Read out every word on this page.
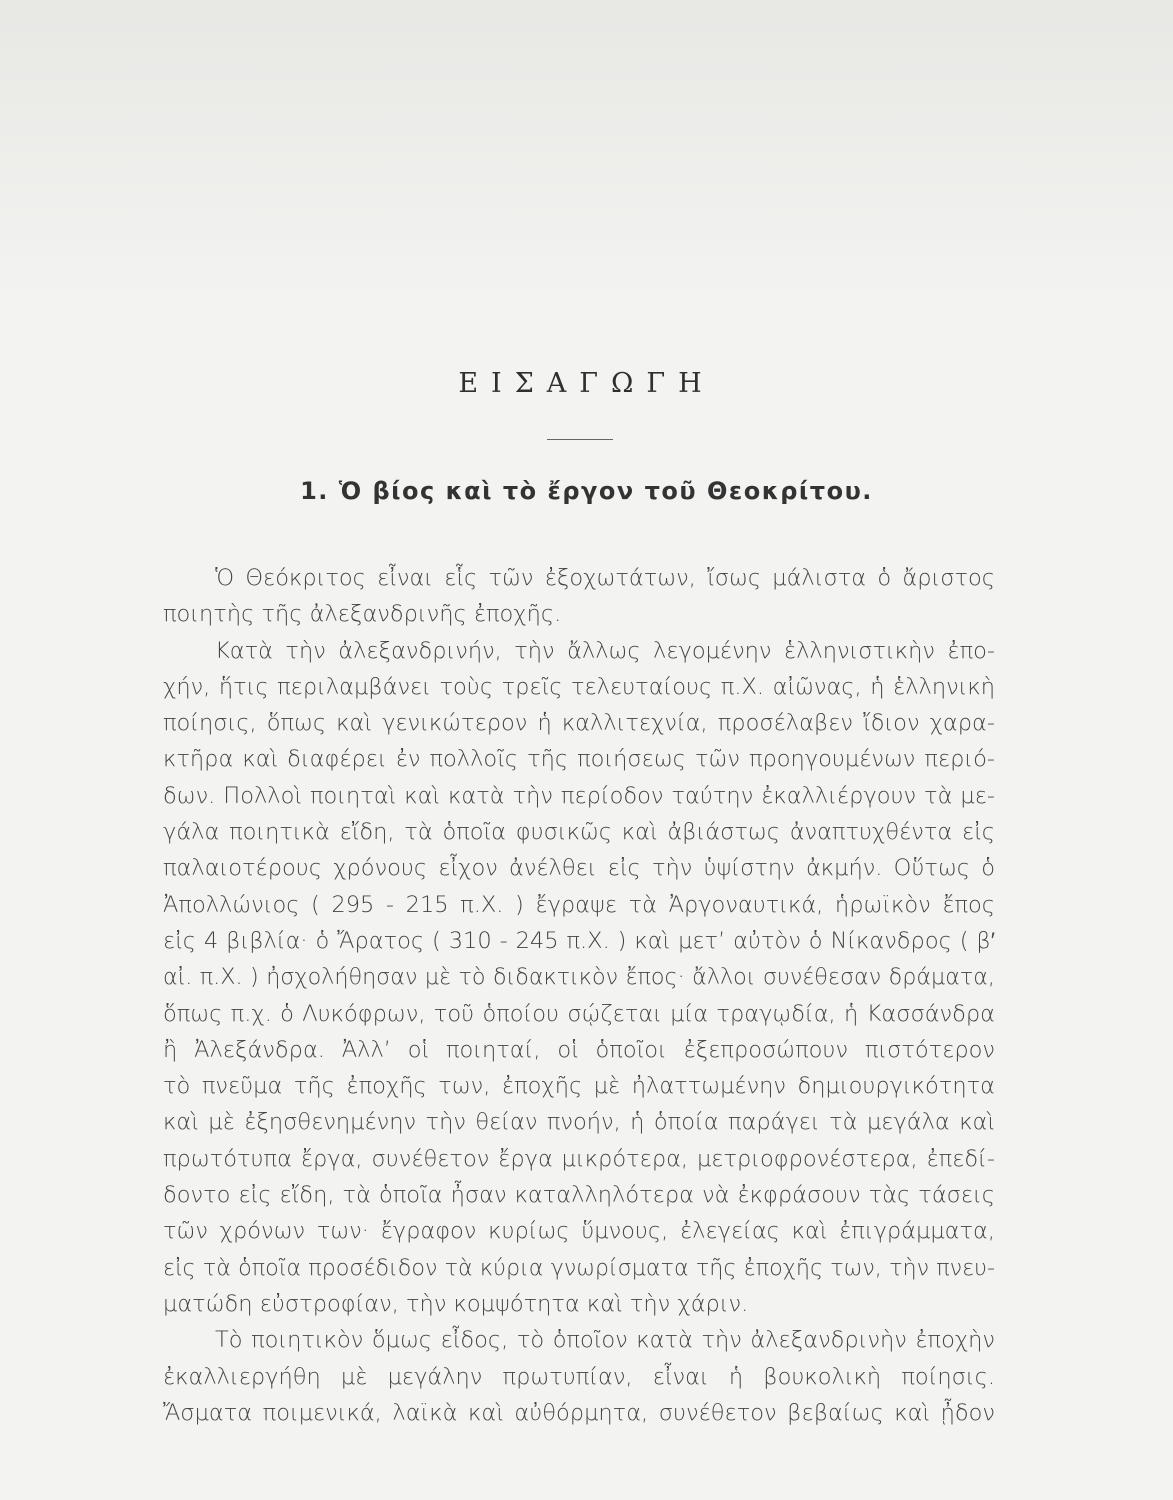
ΕΙΣΑΓΩΓΗ
1. Ὁ βίος καὶ τὸ ἔργον τοῦ Θεοκρίτου.
Ὁ Θεόκριτος εἶναι εἷς τῶν ἐξοχωτάτων, ἴσως μάλιστα ὁ ἄριστος
ποιητὴς τῆς ἀλεξανδρινῆς ἐποχῆς.
Κατὰ τὴν ἀλεξανδρινήν, τὴν ἄλλως λεγομένην ἑλληνιστικὴν ἐπο-
χήν, ἥτις περιλαμβάνει τοὺς τρεῖς τελευταίους π.Χ. αἰῶνας, ἡ ἑλληνικὴ
ποίησις, ὅπως καὶ γενικώτερον ἡ καλλιτεχνία, προσέλαβεν ἴδιον χαρα-
κτῆρα καὶ διαφέρει ἐν πολλοῖς τῆς ποιήσεως τῶν προηγουμένων περιό-
δων. Πολλοὶ ποιηταὶ καὶ κατὰ τὴν περίοδον ταύτην ἐκαλλιέργουν τὰ με-
γάλα ποιητικὰ εἴδη, τὰ ὁποῖα φυσικῶς καὶ ἀβιάστως ἀναπτυχθέντα εἰς
παλαιοτέρους χρόνους εἶχον ἀνέλθει εἰς τὴν ὑψίστην ἀκμήν. Οὕτως ὁ
Ἀπολλώνιος ( 295 - 215 π.Χ. ) ἔγραψε τὰ Ἀργοναυτικά, ἡρωϊκὸν ἔπος
εἰς 4 βιβλία· ὁ Ἄρατος ( 310 - 245 π.Χ. ) καὶ μετ’ αὐτὸν ὁ Νίκανδρος ( β′
αἰ. π.Χ. ) ἠσχολήθησαν μὲ τὸ διδακτικὸν ἔπος· ἄλλοι συνέθεσαν δράματα,
ὅπως π.χ. ὁ Λυκόφρων, τοῦ ὁποίου σῴζεται μία τραγῳδία, ἡ Κασσάνδρα
ἢ Ἀλεξάνδρα. Ἀλλ’ οἱ ποιηταί, οἱ ὁποῖοι ἐξεπροσώπουν πιστότερον
τὸ πνεῦμα τῆς ἐποχῆς των, ἐποχῆς μὲ ἠλαττωμένην δημιουργικότητα
καὶ μὲ ἐξησθενημένην τὴν θείαν πνοήν, ἡ ὁποία παράγει τὰ μεγάλα καὶ
πρωτότυπα ἔργα, συνέθετον ἔργα μικρότερα, μετριοφρονέστερα, ἐπεδί-
δοντο εἰς εἴδη, τὰ ὁποῖα ἦσαν καταλληλότερα νὰ ἐκφράσουν τὰς τάσεις
τῶν χρόνων των· ἔγραφον κυρίως ὕμνους, ἐλεγείας καὶ ἐπιγράμματα,
εἰς τὰ ὁποῖα προσέδιδον τὰ κύρια γνωρίσματα τῆς ἐποχῆς των, τὴν πνευ-
ματώδη εὐστροφίαν, τὴν κομψότητα καὶ τὴν χάριν.
Τὸ ποιητικὸν ὅμως εἶδος, τὸ ὁποῖον κατὰ τὴν ἀλεξανδρινὴν ἐποχὴν
ἐκαλλιεργήθη μὲ μεγάλην πρωτυπίαν, εἶναι ἡ βουκολικὴ ποίησις.
Ἄσματα ποιμενικά, λαϊκὰ καὶ αὐθόρμητα, συνέθετον βεβαίως καὶ ᾖδον
